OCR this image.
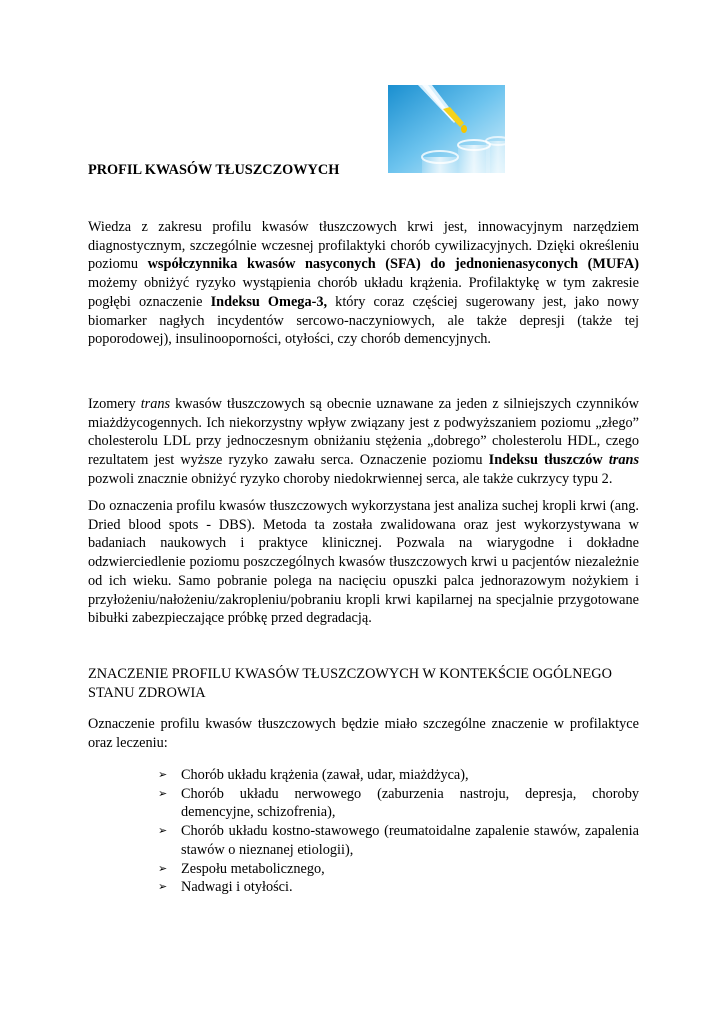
PROFIL KWASÓW TŁUSZCZOWYCH

Wiedza z zakresu profilu kwasów tłuszczowych krwi jest, innowacyjnym narzędziem diagnostycznym, szczególnie wczesnej profilaktyki chorób cywilizacyjnych. Dzięki określeniu poziomu współczynnika kwasów nasyconych (SFA) do jednonienasyconych (MUFA) możemy obniżyć ryzyko wystąpienia chorób układu krążenia. Profilaktykę w tym zakresie pogłębi oznaczenie Indeksu Omega-3, który coraz częściej sugerowany jest, jako nowy biomarker nagłych incydentów sercowo-naczyniowych, ale także depresji (także tej poporodowej), insulinooporności, otyłości, czy chorób demencyjnych.

Izomery trans kwasów tłuszczowych są obecnie uznawane za jeden z silniejszych czynników miażdżycogennych. Ich niekorzystny wpływ związany jest z podwyższaniem poziomu „złego” cholesterolu LDL przy jednoczesnym obniżaniu stężenia „dobrego” cholesterolu HDL, czego rezultatem jest wyższe ryzyko zawału serca. Oznaczenie poziomu Indeksu tłuszczów trans pozwoli znacznie obniżyć ryzyko choroby niedokrwiennej serca, ale także cukrzycy typu 2.

Do oznaczenia profilu kwasów tłuszczowych wykorzystana jest analiza suchej kropli krwi (ang. Dried blood spots - DBS). Metoda ta została zwalidowana oraz jest wykorzystywana w badaniach naukowych i praktyce klinicznej. Pozwala na wiarygodne i dokładne odzwierciedlenie poziomu poszczególnych kwasów tłuszczowych krwi u pacjentów niezależnie od ich wieku. Samo pobranie polega na nacięciu opuszki palca jednorazowym nożykiem i przyłożeniu/nałożeniu/zakropleniu/pobraniu kropli krwi kapilarnej na specjalnie przygotowane bibułki zabezpieczające próbkę przed degradacją.

ZNACZENIE PROFILU KWASÓW TŁUSZCZOWYCH W KONTEKŚCIE OGÓLNEGO STANU ZDROWIA

Oznaczenie profilu kwasów tłuszczowych będzie miało szczególne znaczenie w profilaktyce oraz leczeniu:

➢ Chorób układu krążenia (zawał, udar, miażdżyca),
➢ Chorób układu nerwowego (zaburzenia nastroju, depresja, choroby demencyjne, schizofrenia),
➢ Chorób układu kostno-stawowego (reumatoidalne zapalenie stawów, zapalenia stawów o nieznanej etiologii),
➢ Zespołu metabolicznego,
➢ Nadwagi i otyłości.
